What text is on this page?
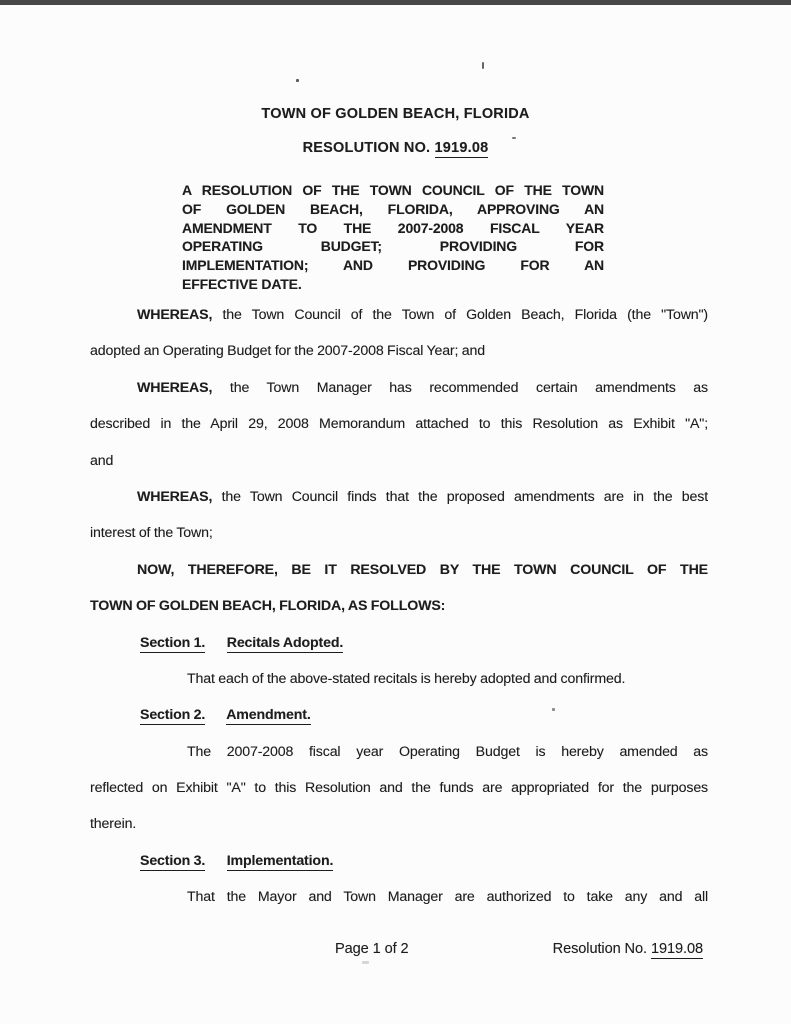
TOWN OF GOLDEN BEACH, FLORIDA
RESOLUTION NO. 1919.08
A RESOLUTION OF THE TOWN COUNCIL OF THE TOWN
OF GOLDEN BEACH, FLORIDA, APPROVING AN
AMENDMENT TO THE 2007-2008 FISCAL YEAR
OPERATING BUDGET; PROVIDING FOR
IMPLEMENTATION; AND PROVIDING FOR AN
EFFECTIVE DATE.
WHEREAS, the Town Council of the Town of Golden Beach, Florida (the "Town")
adopted an Operating Budget for the 2007-2008 Fiscal Year; and
WHEREAS, the Town Manager has recommended certain amendments as
described in the April 29, 2008 Memorandum attached to this Resolution as Exhibit "A";
and
WHEREAS, the Town Council finds that the proposed amendments are in the best
interest of the Town;
NOW, THEREFORE, BE IT RESOLVED BY THE TOWN COUNCIL OF THE
TOWN OF GOLDEN BEACH, FLORIDA, AS FOLLOWS:
Section 1. Recitals Adopted.
That each of the above-stated recitals is hereby adopted and confirmed.
Section 2. Amendment.
The 2007-2008 fiscal year Operating Budget is hereby amended as
reflected on Exhibit "A" to this Resolution and the funds are appropriated for the purposes
therein.
Section 3. Implementation.
That the Mayor and Town Manager are authorized to take any and all
Page 1 of 2	Resolution No. 1919.08
